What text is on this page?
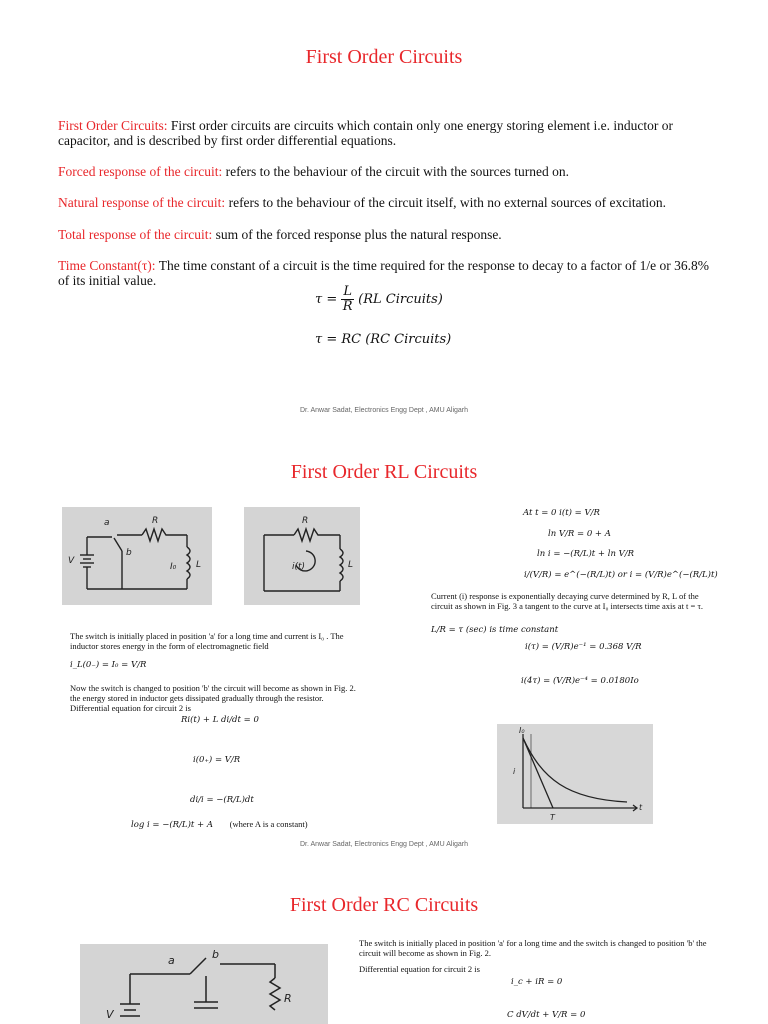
First Order Circuits
First Order Circuits: First order circuits are circuits which contain only one energy storing element i.e. inductor or capacitor, and is described by first order differential equations.
Forced response of the circuit: refers to the behaviour of the circuit with the sources turned on.
Natural response of the circuit: refers to the behaviour of the circuit itself, with no external sources of excitation.
Total response of the circuit: sum of the forced response plus the natural response.
Time Constant(τ): The time constant of a circuit is the time required for the response to decay to a factor of 1/e or 36.8% of its initial value.
$\tau = \frac{L}{R} (RL$ Circuits)
τ = RC (RC Circuits)
Dr. Anwar Sadat, Electronics Engg Dept , AMU Aligarh
First Order RL Circuits
a
b
R
V
I₀ L
R
i(t)	L
At t = 0 i(t) = V/R
ln V/R = 0 + A
ln i = −(R/L)t + ln V/R
i/(V/R) = e^(−(R/L)t) or i = (V/R)e^(−(R/L)t)
Current (i) response is exponentially decaying curve determined by R, L of the circuit as shown in Fig. 3 a tangent to the curve at I₀ intersects time axis at t = τ.
L/R = τ (sec) is time constant
i(τ) = (V/R)e⁻¹ = 0.368 V/R
i(4τ) = (V/R)e⁻⁴ = 0.0180Io
The switch is initially placed in position 'a' for a long time and current is I₀ . The inductor stores energy in the form of electromagnetic field
i_L(0₋) = I₀ = V/R
Now the switch is changed to position 'b' the circuit will become as shown in Fig. 2. the energy stored in inductor gets dissipated gradually through the resistor. Differential equation for circuit 2 is
Ri(t) + L di/dt = 0
i(0₊) = V/R
di/i = −(R/L)dt
log i = −(R/L)t + A (where A is a constant)
I₀
i
t
T
Dr. Anwar Sadat, Electronics Engg Dept , AMU Aligarh
First Order RC Circuits
a	b
V
R
The switch is initially placed in position 'a' for a long time and the switch is changed to position 'b' the circuit will become as shown in Fig. 2.
Differential equation for circuit 2 is
i_c + iR = 0
C dV/dt + V/R = 0
